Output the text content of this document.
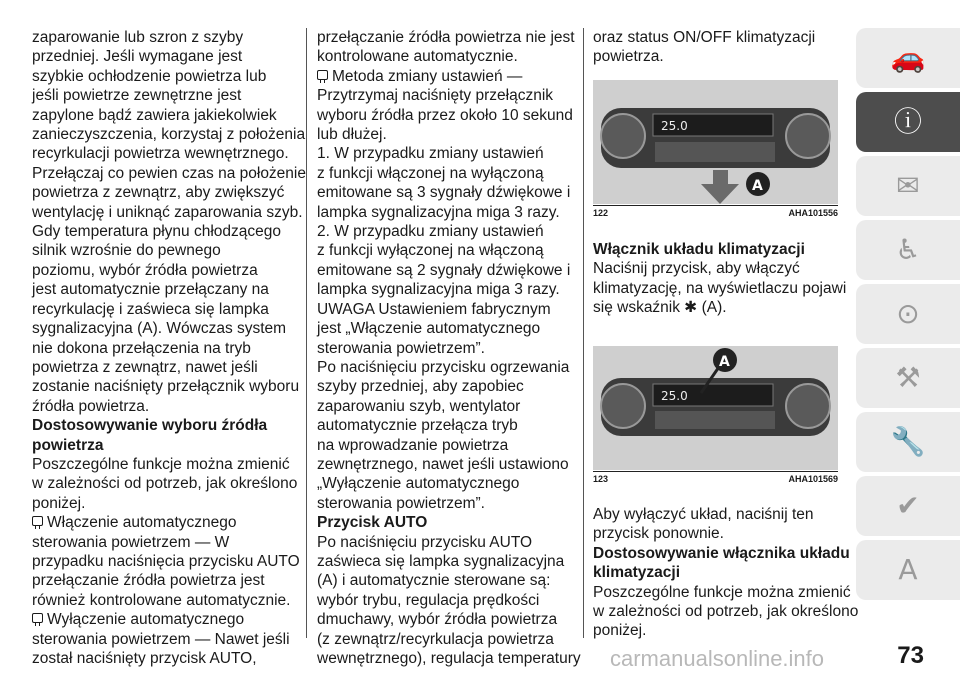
zaparowanie lub szron z szyby

przedniej. Jeśli wymagane jest

szybkie ochłodzenie powietrza lub

jeśli powietrze zewnętrzne jest

zapylone bądź zawiera jakiekolwiek

zanieczyszczenia, korzystaj z położenia

recyrkulacji powietrza wewnętrznego.

Przełączaj co pewien czas na położenie

powietrza z zewnątrz, aby zwiększyć

wentylację i uniknąć zaparowania szyb.

Gdy temperatura płynu chłodzącego

silnik wzrośnie do pewnego

poziomu, wybór źródła powietrza

jest automatycznie przełączany na

recyrkulację i zaświeca się lampka

sygnalizacyjna (A). Wówczas system

nie dokona przełączenia na tryb

powietrza z zewnątrz, nawet jeśli

zostanie naciśnięty przełącznik wyboru

źródła powietrza.

Dostosowywanie wyboru źródła

powietrza

Poszczególne funkcje można zmienić

w zależności od potrzeb, jak określono

poniżej.

Włączenie automatycznego

sterowania powietrzem — W

przypadku naciśnięcia przycisku AUTO

przełączanie źródła powietrza jest

również kontrolowane automatycznie.

Wyłączenie automatycznego

sterowania powietrzem — Nawet jeśli

został naciśnięty przycisk AUTO,

przełączanie źródła powietrza nie jest

kontrolowane automatycznie.

Metoda zmiany ustawień —

Przytrzymaj naciśnięty przełącznik

wyboru źródła przez około 10 sekund

lub dłużej.

1. W przypadku zmiany ustawień

z funkcji włączonej na wyłączoną

emitowane są 3 sygnały dźwiękowe i

lampka sygnalizacyjna miga 3 razy.

2. W przypadku zmiany ustawień

z funkcji wyłączonej na włączoną

emitowane są 2 sygnały dźwiękowe i

lampka sygnalizacyjna miga 3 razy.

UWAGA Ustawieniem fabrycznym

jest „Włączenie automatycznego

sterowania powietrzem”.

Po naciśnięciu przycisku ogrzewania

szyby przedniej, aby zapobiec

zaparowaniu szyb, wentylator

automatycznie przełącza tryb

na wprowadzanie powietrza

zewnętrznego, nawet jeśli ustawiono

„Wyłączenie automatycznego

sterowania powietrzem”.

Przycisk AUTO

Po naciśnięciu przycisku AUTO

zaświeca się lampka sygnalizacyjna

(A) i automatycznie sterowane są:

wybór trybu, regulacja prędkości

dmuchawy, wybór źródła powietrza

(z zewnątrz/recyrkulacja powietrza

wewnętrznego), regulacja temperatury

oraz status ON/OFF klimatyzacji

powietrza.

25.0
A
122	AHA101556

Włącznik układu klimatyzacji

Naciśnij przycisk, aby włączyć

klimatyzację, na wyświetlaczu pojawi

się wskaźnik ✱ (A).

25.0
A
123	AHA101569

Aby wyłączyć układ, naciśnij ten

przycisk ponownie.

Dostosowywanie włącznika układu

klimatyzacji

Poszczególne funkcje można zmienić

w zależności od potrzeb, jak określono

poniżej.

🚗
ⓘ
✉
♿
⊙
⚒
🔧
✔
A
73
carmanualsonline.info
